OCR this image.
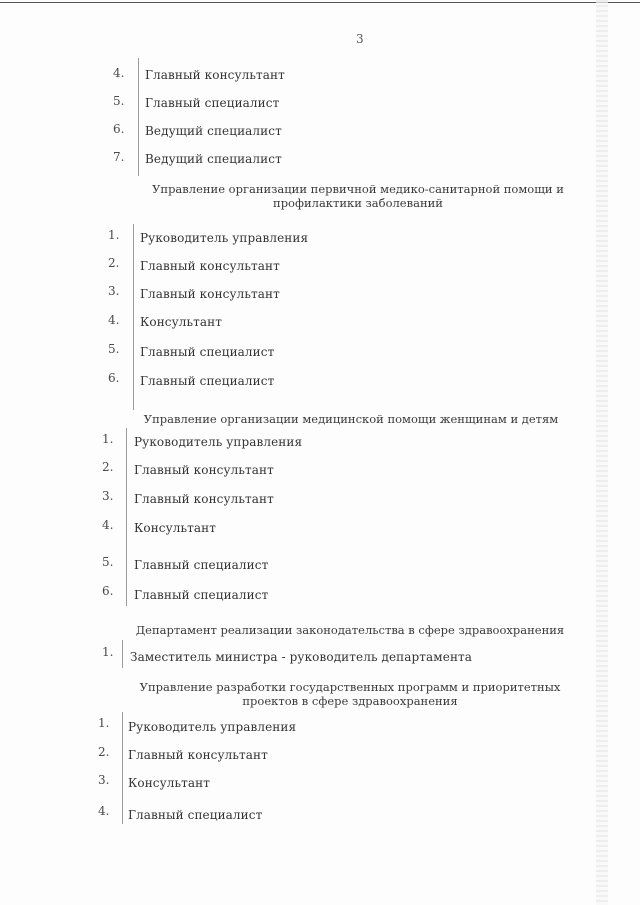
3
4. Главный консультант
5. Главный специалист
6. Ведущий специалист
7. Ведущий специалист
Управление организации первичной медико-санитарной помощи и
профилактики заболеваний
1. Руководитель управления
2. Главный консультант
3. Главный консультант
4. Консультант
5. Главный специалист
6. Главный специалист
Управление организации медицинской помощи женщинам и детям
1. Руководитель управления
2. Главный консультант
3. Главный консультант
4. Консультант
5. Главный специалист
6. Главный специалист
Департамент реализации законодательства в сфере здравоохранения
1. Заместитель министра - руководитель департамента
Управление разработки государственных программ и приоритетных
проектов в сфере здравоохранения
1. Руководитель управления
2. Главный консультант
3. Консультант
4. Главный специалист
